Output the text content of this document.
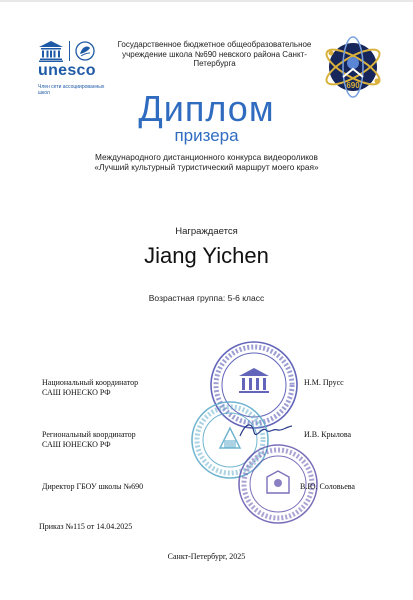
unesco
Член сети ассоциированных школ
Государственное бюджетное общеобразовательное учреждение школа №690 невского района Санкт-Петербурга
690
Диплом
призера
Международного дистанционного конкурса видеороликов
«Лучший культурный туристический маршрут моего края»
Награждается
Jiang Yichen
Возрастная группа: 5-6 класс
Национальный координатор
САШ ЮНЕСКО РФ
Н.М. Прусс
Региональный координатор
САШ ЮНЕСКО РФ
И.В. Крылова
Директор ГБОУ школы №690	В.Ю. Соловьева
Приказ №115 от 14.04.2025
Санкт-Петербург, 2025
